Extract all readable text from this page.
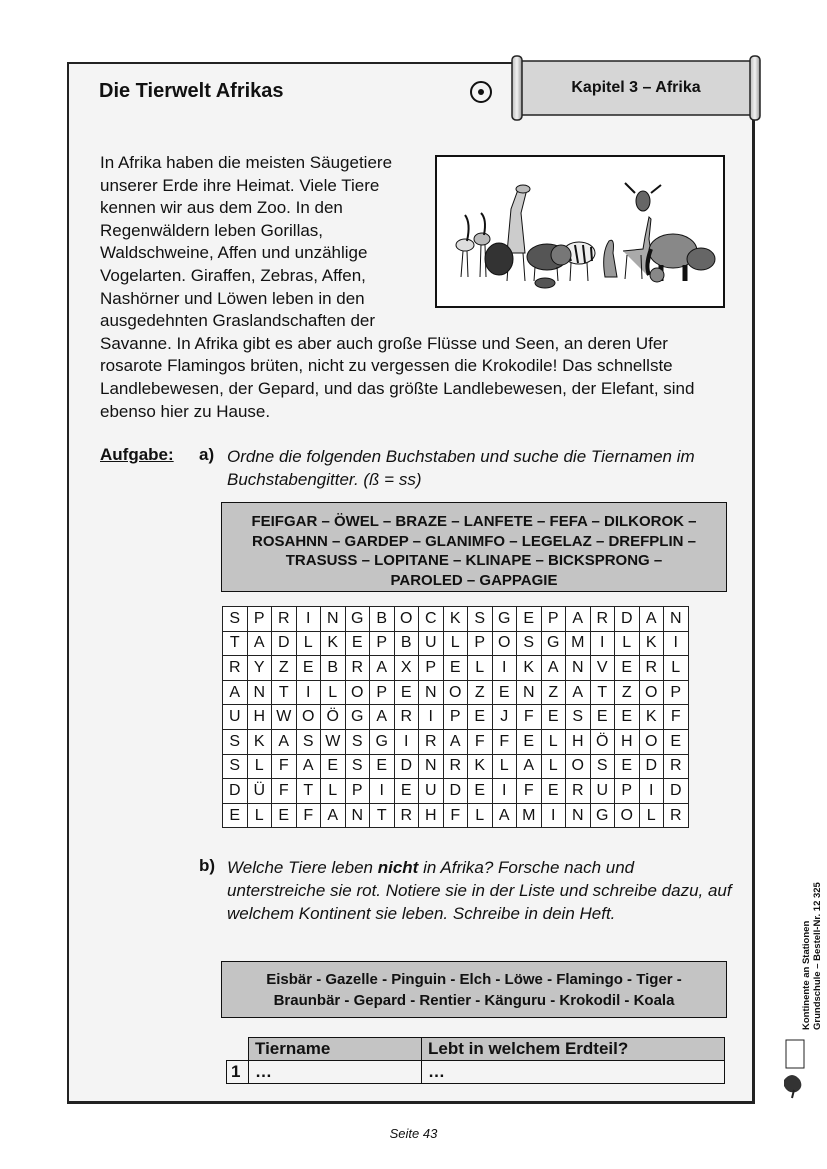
Die Tierwelt Afrikas	Kapitel 3 – Afrika
In Afrika haben die meisten Säugetiere unserer Erde ihre Heimat. Viele Tiere kennen wir aus dem Zoo. In den Regenwäldern leben Gorillas, Waldschweine, Affen und unzählige Vogelarten. Giraffen, Zebras, Affen, Nashörner und Löwen leben in den ausgedehnten Graslandschaften der Savanne. In Afrika gibt es aber auch große Flüsse und Seen, an deren Ufer rosarote Flamingos brüten, nicht zu vergessen die Krokodile! Das schnellste Landlebewesen, der Gepard, und das größte Landlebewesen, der Elefant, sind ebenso hier zu Hause.
Aufgabe: a) Ordne die folgenden Buchstaben und suche die Tiernamen im Buchstabengitter. (ß = ss)
FEIFGAR – ÖWEL – BRAZE – LANFETE – FEFA – DILKOROK –
ROSAHNN – GARDEP – GLANIMFO – LEGELAZ – DREFPLIN –
TRASUSS – LOPITANE – KLINAPE – BICKSPRONG –
PAROLED – GAPPAGIE
S	P	R	I	N	G	B	O	C	K	S	G	E	P	A	R	D	A	N
T	A	D	L	K	E	P	B	U	L	P	O	S	G	M	I	L	K	I
R	Y	Z	E	B	R	A	X	P	E	L	I	K	A	N	V	E	R	L
A	N	T	I	L	O	P	E	N	O	Z	E	N	Z	A	T	Z	O	P
U	H	W	O	Ö	G	A	R	I	P	E	J	F	E	S	E	E	K	F
S	K	A	S	W	S	G	I	R	A	F	F	E	L	H	Ö	H	O	E
S	L	F	A	E	S	E	D	N	R	K	L	A	L	O	S	E	D	R
D	Ü	F	T	L	P	I	E	U	D	E	I	F	E	R	U	P	I	D
E	L	E	F	A	N	T	R	H	F	L	A	M	I	N	G	O	L	R
b) Welche Tiere leben nicht in Afrika? Forsche nach und unterstreiche sie rot. Notiere sie in der Liste und schreibe dazu, auf welchem Kontinent sie leben. Schreibe in dein Heft.
Eisbär - Gazelle - Pinguin - Elch - Löwe - Flamingo - Tiger -
Braunbär - Gepard - Rentier - Känguru - Krokodil - Koala
	Tiername	Lebt in welchem Erdteil?
1	…	…
Seite 43
Kontinente an Stationen Grundschule – Bestell-Nr. 12 325
